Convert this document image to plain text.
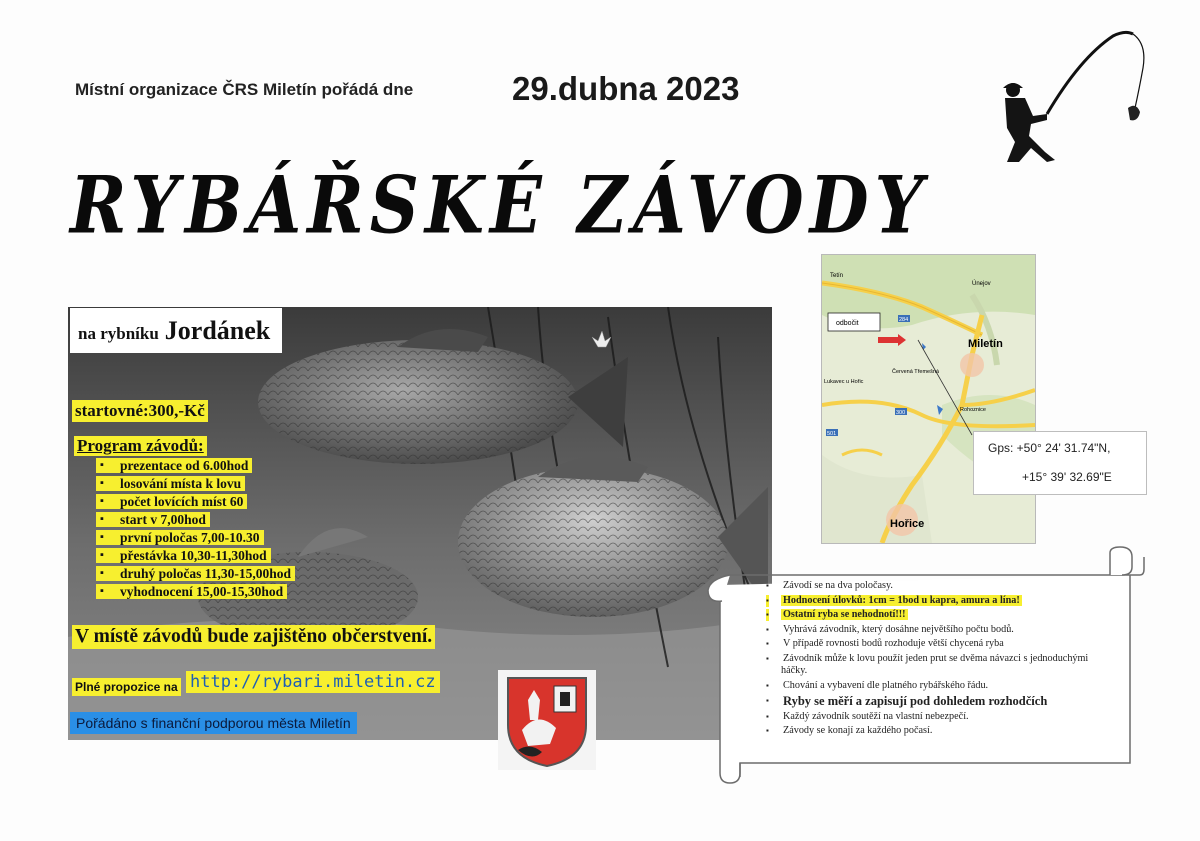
Místní organizace ČRS Miletín pořádá dne	29.dubna 2023
RYBÁŘSKÉ ZÁVODY
na rybníku Jordánek
startovné:300,-Kč
Program závodů:
▪ prezentace od 6.00hod
▪ losování místa k lovu
▪ počet lovících míst 60
▪ start v 7,00hod
▪ první poločas 7,00-10.30
▪ přestávka 10,30-11,30hod
▪ druhý poločas 11,30-15,00hod
▪ vyhodnocení 15,00-15,30hod
V místě závodů bude zajištěno občerstvení.
Plné propozice na http://rybari.miletin.cz
Pořádáno s finanční podporou města Miletín
odbočit
Tetín
Únejov
Miletín
Červená Třemešná
Rohoznice
Lukavec u Hořic
284
300
501
Hořice
Gps: +50° 24' 31.74"N,
+15° 39' 32.69"E
▪ Závodí se na dva poločasy.
▪ Hodnocení úlovků: 1cm = 1bod u kapra, amura a lína!
▪ Ostatní ryba se nehodnotí!!!
▪ Vyhrává závodník, který dosáhne největšího počtu bodů.
▪ V případě rovnosti bodů rozhoduje větší chycená ryba
▪ Závodník může k lovu použít jeden prut se dvěma návazci s jednoduchými háčky.
▪ Chování a vybavení dle platného rybářského řádu.
▪ Ryby se měří a zapisují pod dohledem rozhodčích
▪ Každý závodník soutěží na vlastní nebezpečí.
▪ Závody se konají za každého počasí.
